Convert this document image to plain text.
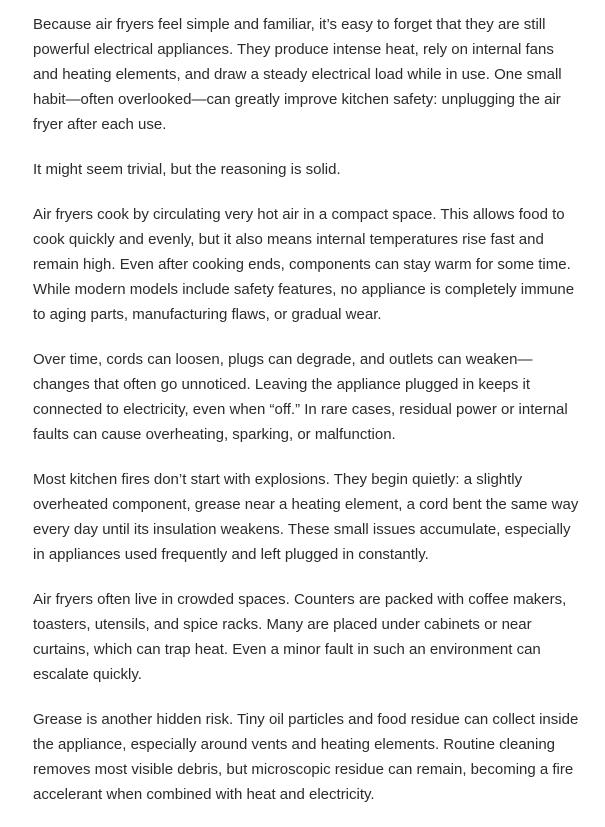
Because air fryers feel simple and familiar, it’s easy to forget that they are still powerful electrical appliances. They produce intense heat, rely on internal fans and heating elements, and draw a steady electrical load while in use. One small habit—often overlooked—can greatly improve kitchen safety: unplugging the air fryer after each use.

It might seem trivial, but the reasoning is solid.

Air fryers cook by circulating very hot air in a compact space. This allows food to cook quickly and evenly, but it also means internal temperatures rise fast and remain high. Even after cooking ends, components can stay warm for some time. While modern models include safety features, no appliance is completely immune to aging parts, manufacturing flaws, or gradual wear.

Over time, cords can loosen, plugs can degrade, and outlets can weaken—changes that often go unnoticed. Leaving the appliance plugged in keeps it connected to electricity, even when “off.” In rare cases, residual power or internal faults can cause overheating, sparking, or malfunction.

Most kitchen fires don’t start with explosions. They begin quietly: a slightly overheated component, grease near a heating element, a cord bent the same way every day until its insulation weakens. These small issues accumulate, especially in appliances used frequently and left plugged in constantly.

Air fryers often live in crowded spaces. Counters are packed with coffee makers, toasters, utensils, and spice racks. Many are placed under cabinets or near curtains, which can trap heat. Even a minor fault in such an environment can escalate quickly.

Grease is another hidden risk. Tiny oil particles and food residue can collect inside the appliance, especially around vents and heating elements. Routine cleaning removes most visible debris, but microscopic residue can remain, becoming a fire accelerant when combined with heat and electricity.
